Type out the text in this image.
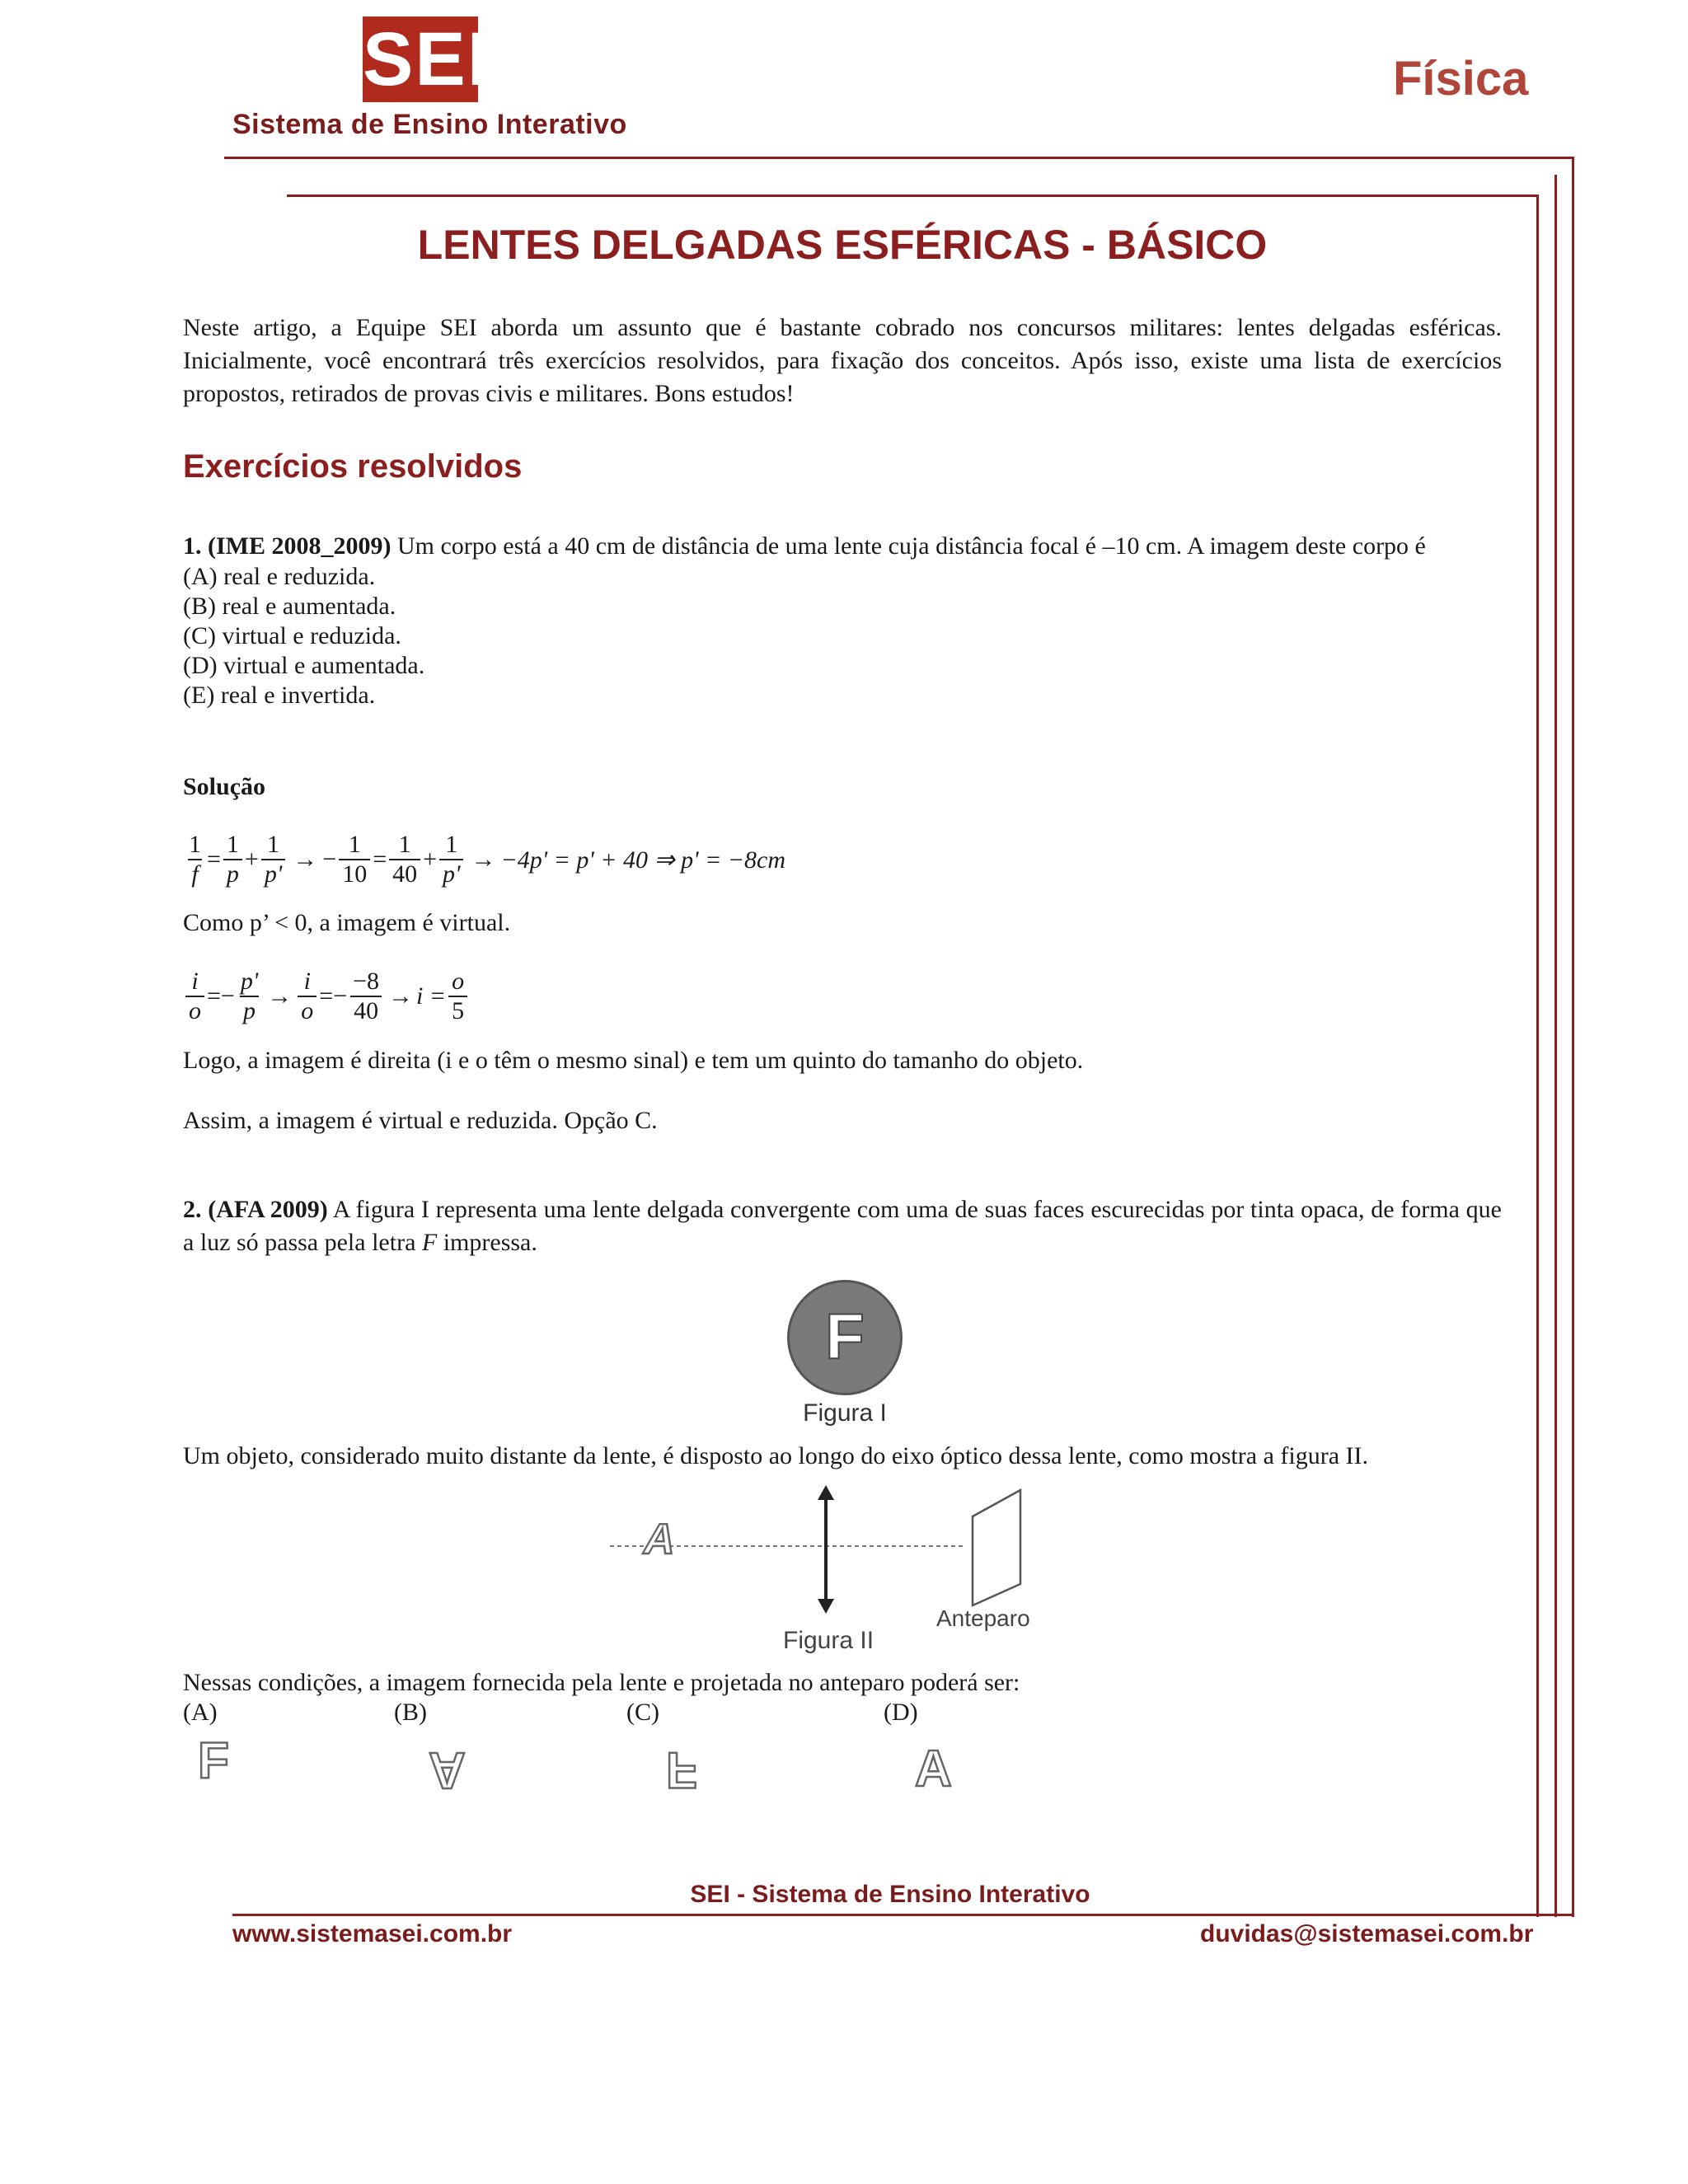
SEI
Sistema de Ensino Interativo
Física
LENTES DELGADAS ESFÉRICAS - BÁSICO
Neste artigo, a Equipe SEI aborda um assunto que é bastante cobrado nos concursos militares: lentes delgadas esféricas. Inicialmente, você encontrará três exercícios resolvidos, para fixação dos conceitos. Após isso, existe uma lista de exercícios propostos, retirados de provas civis e militares. Bons estudos!
Exercícios resolvidos
1. (IME 2008_2009) Um corpo está a 40 cm de distância de uma lente cuja distância focal é –10 cm. A imagem deste corpo é
(A) real e reduzida.
(B) real e aumentada.
(C) virtual e reduzida.
(D) virtual e aumentada.
(E) real e invertida.
Solução
$\frac{1}{f} = \frac{1}{p} + \frac{1}{p'}$ → − $\frac{1}{10} = \frac{1}{40} + \frac{1}{p'} \to -4p' = p' + 40$ ⇒ p' = −8cm
Como p’ < 0, a imagem é virtual.
$\frac{i}{o}$ = − $\frac{p'}{p} \to \frac{i}{o}$ = − $\frac{-8}{40} \to i = \frac{o}{5}$
Logo, a imagem é direita (i e o têm o mesmo sinal) e tem um quinto do tamanho do objeto.
Assim, a imagem é virtual e reduzida. Opção C.
2. (AFA 2009) A figura I representa uma lente delgada convergente com uma de suas faces escurecidas por tinta opaca, de forma que a luz só passa pela letra F impressa.
F
Figura I
Um objeto, considerado muito distante da lente, é disposto ao longo do eixo óptico dessa lente, como mostra a figura II.
A
Anteparo
Figura II
Nessas condições, a imagem fornecida pela lente e projetada no anteparo poderá ser:
(A)	(B)	(C)	(D)
F	A	F	A
SEI - Sistema de Ensino Interativo
www.sistemasei.com.br	duvidas@sistemasei.com.br
